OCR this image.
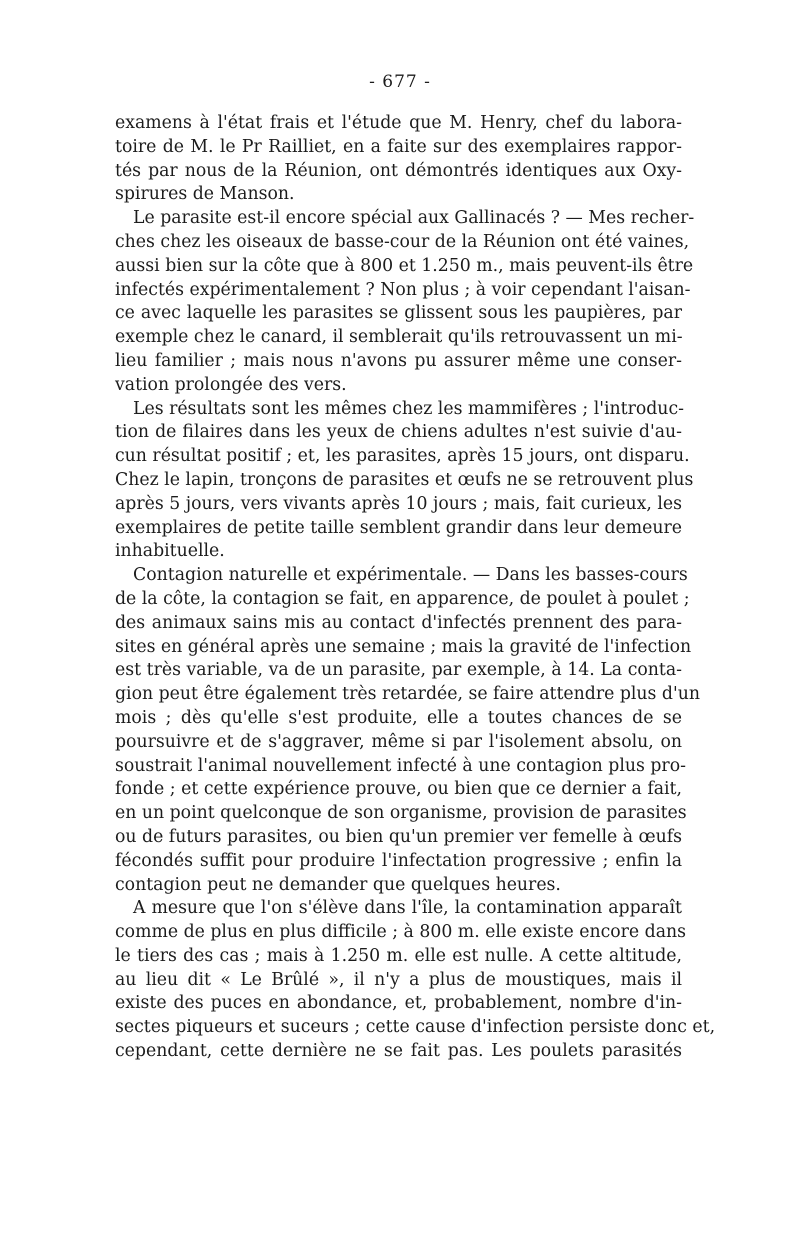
- 677 -
examens à l'état frais et l'étude que M. Henry, chef du labora-
toire de M. le Pr Railliet, en a faite sur des exemplaires rappor-
tés par nous de la Réunion, ont démontrés identiques aux Oxy-
spirures de Manson.
Le parasite est-il encore spécial aux Gallinacés ? — Mes recher-
ches chez les oiseaux de basse-cour de la Réunion ont été vaines,
aussi bien sur la côte que à 800 et 1.250 m., mais peuvent-ils être
infectés expérimentalement ? Non plus ; à voir cependant l'aisan-
ce avec laquelle les parasites se glissent sous les paupières, par
exemple chez le canard, il semblerait qu'ils retrouvassent un mi-
lieu familier ; mais nous n'avons pu assurer même une conser-
vation prolongée des vers.
Les résultats sont les mêmes chez les mammifères ; l'introduc-
tion de filaires dans les yeux de chiens adultes n'est suivie d'au-
cun résultat positif ; et, les parasites, après 15 jours, ont disparu.
Chez le lapin, tronçons de parasites et œufs ne se retrouvent plus
après 5 jours, vers vivants après 10 jours ; mais, fait curieux, les
exemplaires de petite taille semblent grandir dans leur demeure
inhabituelle.
Contagion naturelle et expérimentale. — Dans les basses-cours
de la côte, la contagion se fait, en apparence, de poulet à poulet ;
des animaux sains mis au contact d'infectés prennent des para-
sites en général après une semaine ; mais la gravité de l'infection
est très variable, va de un parasite, par exemple, à 14. La conta-
gion peut être également très retardée, se faire attendre plus d'un
mois ; dès qu'elle s'est produite, elle a toutes chances de se
poursuivre et de s'aggraver, même si par l'isolement absolu, on
soustrait l'animal nouvellement infecté à une contagion plus pro-
fonde ; et cette expérience prouve, ou bien que ce dernier a fait,
en un point quelconque de son organisme, provision de parasites
ou de futurs parasites, ou bien qu'un premier ver femelle à œufs
fécondés suffit pour produire l'infectation progressive ; enfin la
contagion peut ne demander que quelques heures.
A mesure que l'on s'élève dans l'île, la contamination apparaît
comme de plus en plus difficile ; à 800 m. elle existe encore dans
le tiers des cas ; mais à 1.250 m. elle est nulle. A cette altitude,
au lieu dit « Le Brûlé », il n'y a plus de moustiques, mais il
existe des puces en abondance, et, probablement, nombre d'in-
sectes piqueurs et suceurs ; cette cause d'infection persiste donc et,
cependant, cette dernière ne se fait pas. Les poulets parasités
